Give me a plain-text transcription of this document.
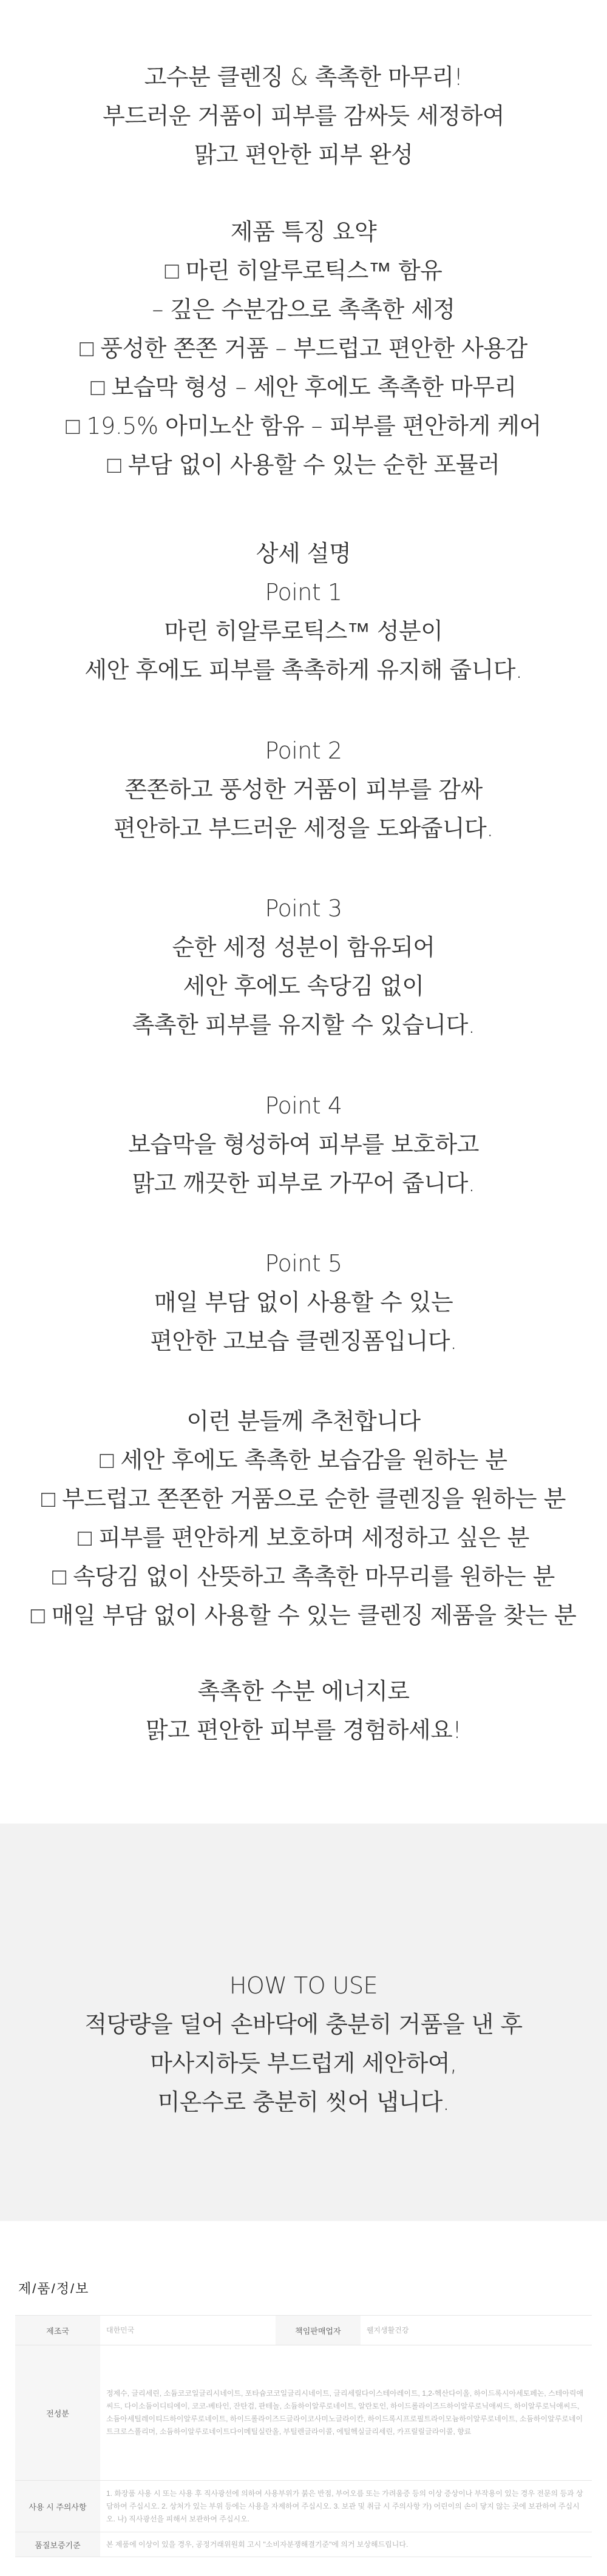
고수분 클렌징 & 촉촉한 마무리!
부드러운 거품이 피부를 감싸듯 세정하여
맑고 편안한 피부 완성
제품 특징 요약
□ 마린 히알루로틱스™ 함유
– 깊은 수분감으로 촉촉한 세정
□ 풍성한 쫀쫀 거품 – 부드럽고 편안한 사용감
□ 보습막 형성 – 세안 후에도 촉촉한 마무리
□ 19.5% 아미노산 함유 – 피부를 편안하게 케어
□ 부담 없이 사용할 수 있는 순한 포뮬러
상세 설명
Point 1
마린 히알루로틱스™ 성분이
세안 후에도 피부를 촉촉하게 유지해 줍니다.
Point 2
쫀쫀하고 풍성한 거품이 피부를 감싸
편안하고 부드러운 세정을 도와줍니다.
Point 3
순한 세정 성분이 함유되어
세안 후에도 속당김 없이
촉촉한 피부를 유지할 수 있습니다.
Point 4
보습막을 형성하여 피부를 보호하고
맑고 깨끗한 피부로 가꾸어 줍니다.
Point 5
매일 부담 없이 사용할 수 있는
편안한 고보습 클렌징폼입니다.
이런 분들께 추천합니다
□ 세안 후에도 촉촉한 보습감을 원하는 분
□ 부드럽고 쫀쫀한 거품으로 순한 클렌징을 원하는 분
□ 피부를 편안하게 보호하며 세정하고 싶은 분
□ 속당김 없이 산뜻하고 촉촉한 마무리를 원하는 분
□ 매일 부담 없이 사용할 수 있는 클렌징 제품을 찾는 분
촉촉한 수분 에너지로
맑고 편안한 피부를 경험하세요!
HOW TO USE
적당량을 덜어 손바닥에 충분히 거품을 낸 후
마사지하듯 부드럽게 세안하여,
미온수로 충분히 씻어 냅니다.
제/품/정/보
제조국	대한민국	책임판매업자	웰지생활건강
전성분	정제수, 글리세린, 소듐코코일글리시네이트, 포타슘코코일글리시네이트, 글리세릴다이스테아레이트, 1,2-헥산다이올, 하이드록시아세토페논, 스테아릭애씨드, 다이소듐이디티에이, 코코-베타인, 잔탄검, 판테놀, 소듐하이알루로네이트, 알란토인, 하이드롤라이즈드하이알루로닉애씨드, 하이알루로닉애씨드, 소듐아세틸레이티드하이알루로네이트, 하이드롤라이즈드글라이코사미노글라이칸, 하이드록시프로필트라이모늄하이알루로네이트, 소듐하이알루로네이트크로스폴리머, 소듐하이알루로네이트다이메틸실란올, 부틸렌글라이콜, 에틸헥실글리세린, 카프릴릴글라이콜, 향료		
사용 시 주의사항	1. 화장품 사용 시 또는 사용 후 직사광선에 의하여 사용부위가 붉은 반점, 부어오름 또는 가려움증 등의 이상 증상이나 부작용이 있는 경우 전문의 등과 상담하여 주십시오. 2. 상처가 있는 부위 등에는 사용을 자제하여 주십시오. 3. 보관 및 취급 시 주의사항 가) 어린이의 손이 닿지 않는 곳에 보관하여 주십시오. 나) 직사광선을 피해서 보관하여 주십시오.		
품질보증기준	본 제품에 이상이 있을 경우, 공정거래위원회 고시 "소비자분쟁해결기준"에 의거 보상해드립니다.		
